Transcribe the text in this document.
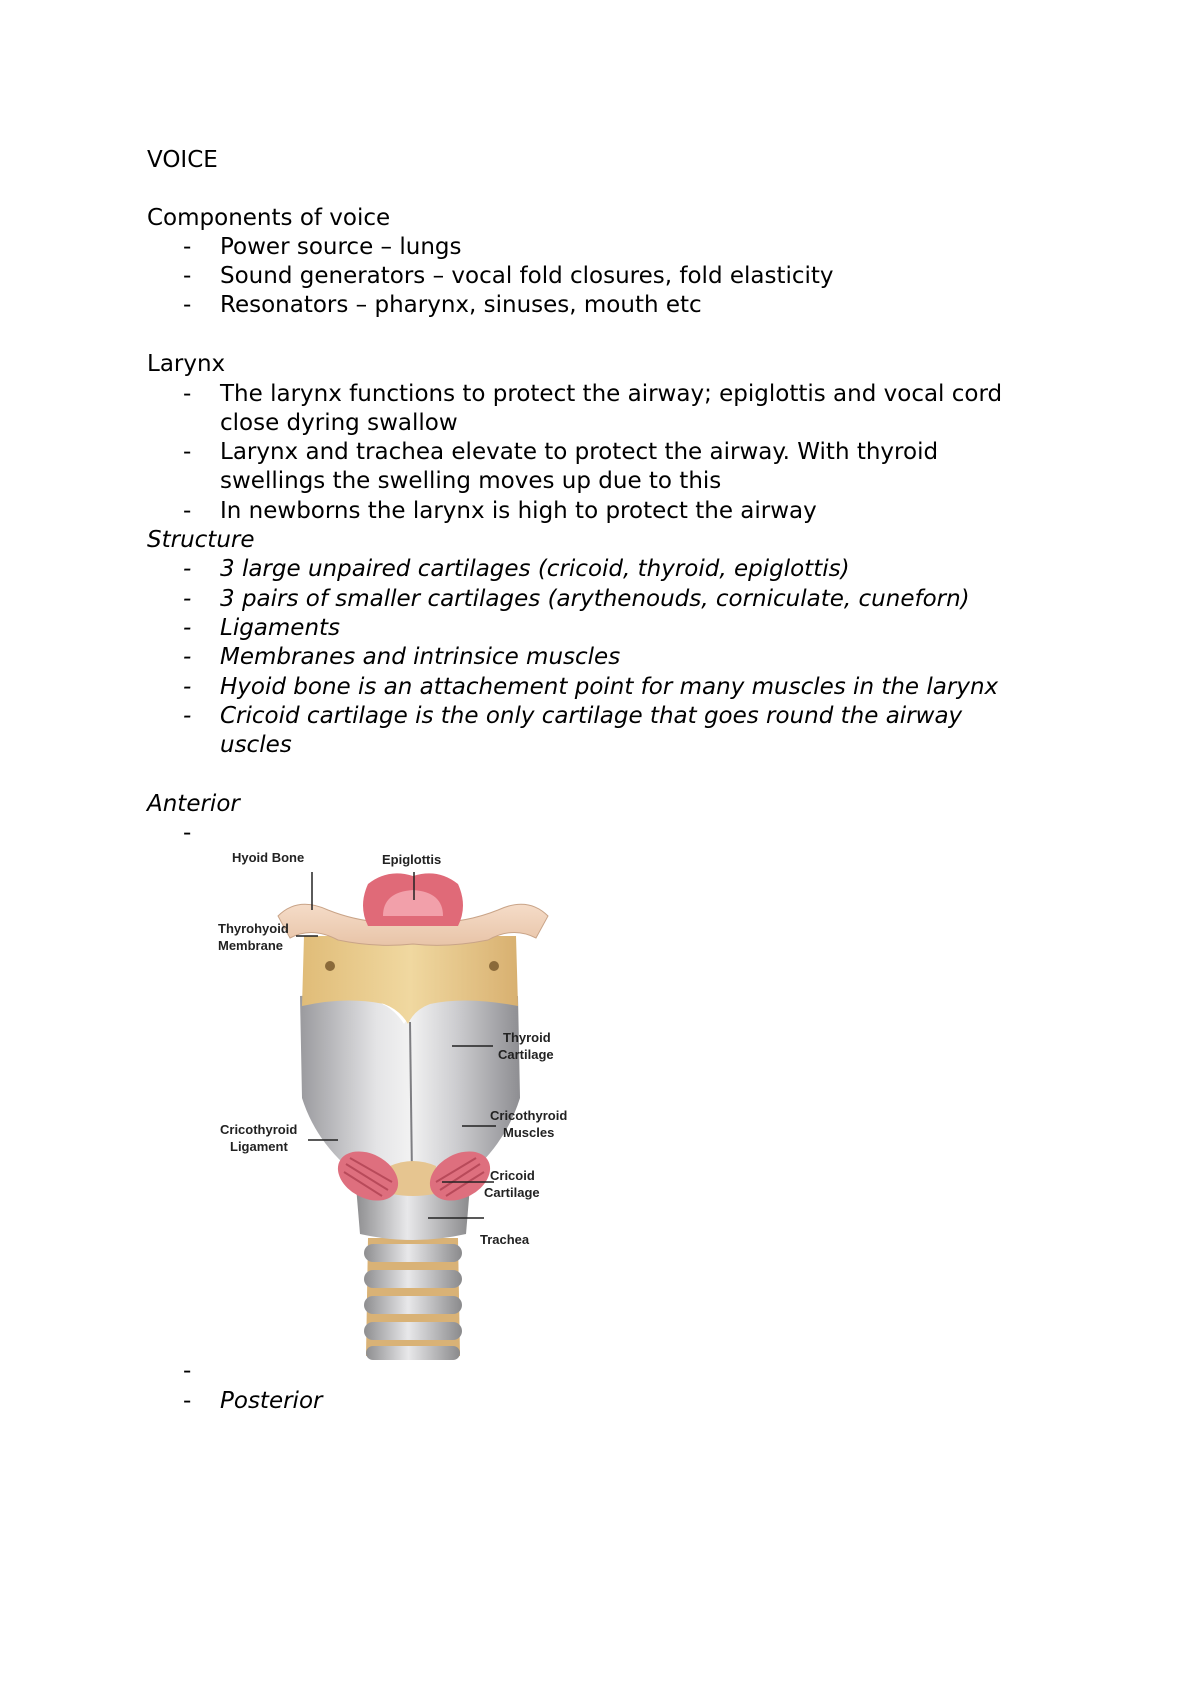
VOICE
Components of voice
- Power source – lungs
- Sound generators – vocal fold closures, fold elasticity
- Resonators – pharynx, sinuses, mouth etc
Larynx
- The larynx functions to protect the airway; epiglottis and vocal cord
close dyring swallow
- Larynx and trachea elevate to protect the airway. With thyroid
swellings the swelling moves up due to this
- In newborns the larynx is high to protect the airway
Structure
- 3 large unpaired cartilages (cricoid, thyroid, epiglottis)
- 3 pairs of smaller cartilages (arythenouds, corniculate, cuneforn)
- Ligaments
- Membranes and intrinsice muscles
- Hyoid bone is an attachement point for many muscles in the larynx
- Cricoid cartilage is the only cartilage that goes round the airway
uscles
Anterior
-
Hyoid Bone	Epiglottis
Thyrohyoid
Membrane
Thyroid
Cartilage
Cricothyroid
Ligament
Cricothyroid
Muscles
Cricoid
Cartilage
Trachea
-
- Posterior
